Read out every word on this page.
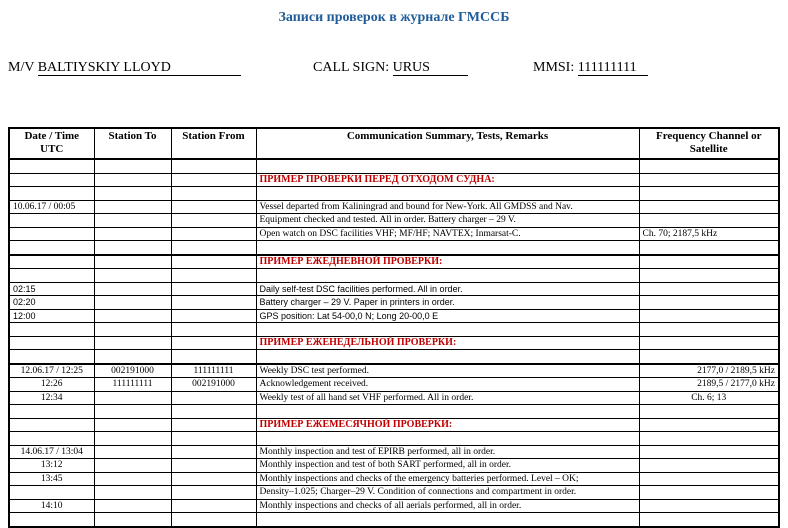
Записи проверок в журнале ГМССБ
M/V BALTIYSKIY LLOYD	CALL SIGN: URUS	MMSI: 111111111
Date / Time UTC	Station To	Station From	Communication Summary, Tests, Remarks	Frequency Channel or Satellite

			ПРИМЕР ПРОВЕРКИ ПЕРЕД ОТХОДОМ СУДНА:	

10.06.17 / 00:05			Vessel departed from Kaliningrad and bound for New-York. All GMDSS and Nav.	
			Equipment checked and tested. All in order. Battery charger – 29 V.	
			Open watch on DSC facilities VHF; MF/HF; NAVTEX; Inmarsat-C.	Ch. 70; 2187,5 kHz

			ПРИМЕР ЕЖЕДНЕВНОЙ ПРОВЕРКИ:	

02:15			Daily self-test DSC facilities performed. All in order.	
02:20			Battery charger – 29 V. Paper in printers in order.	
12:00			GPS position: Lat 54-00,0 N; Long 20-00,0 E	

			ПРИМЕР ЕЖЕНЕДЕЛЬНОЙ ПРОВЕРКИ:	

12.06.17 / 12:25	002191000	111111111	Weekly DSC test performed.	2177,0 / 2189,5 kHz
12:26	111111111	002191000	Acknowledgement received.	2189,5 / 2177,0 kHz
12:34			Weekly test of all hand set VHF performed. All in order.	Ch. 6; 13

			ПРИМЕР ЕЖЕМЕСЯЧНОЙ ПРОВЕРКИ:	

14.06.17 / 13:04			Monthly inspection and test of EPIRB performed, all in order.	
13:12			Monthly inspection and test of both SART performed, all in order.	
13:45			Monthly inspections and checks of the emergency batteries performed. Level – OK;	
			Density–1.025; Charger–29 V. Condition of connections and compartment in order.	
14:10			Monthly inspections and checks of all aerials performed, all in order.	
